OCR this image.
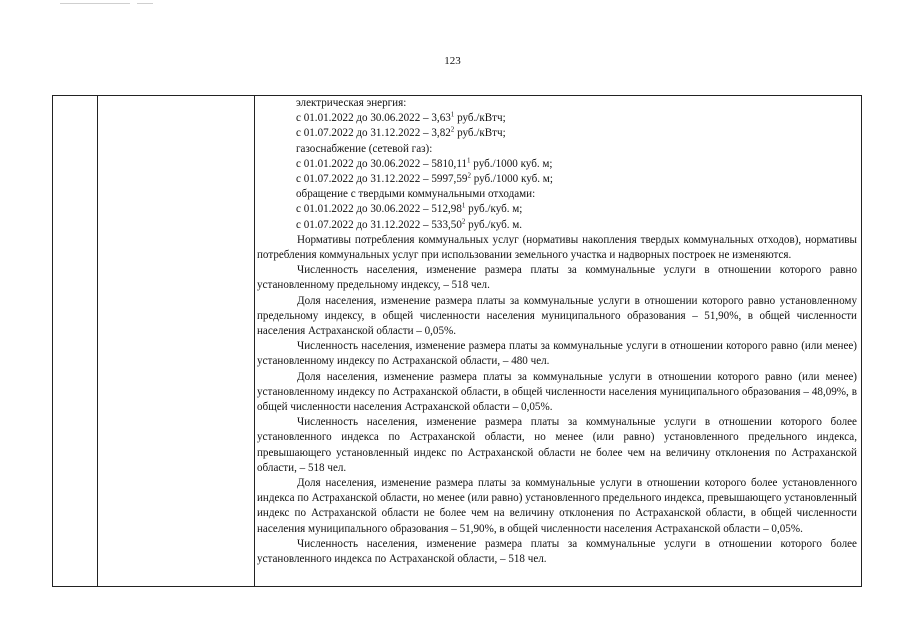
123

электрическая энергия:

с 01.01.2022 до 30.06.2022 – 3,63$^1$ руб./кВтч;

с 01.07.2022 до 31.12.2022 – 3,82$^2$ руб./кВтч;

газоснабжение (сетевой газ):

с 01.01.2022 до 30.06.2022 – 5810,11$^1$ руб./1000 куб. м;

с 01.07.2022 до 31.12.2022 – 5997,59$^2$ руб./1000 куб. м;

обращение с твердыми коммунальными отходами:

с 01.01.2022 до 30.06.2022 – 512,98$^1$ руб./куб. м;

с 01.07.2022 до 31.12.2022 – 533,50$^2$ руб./куб. м.

Нормативы потребления коммунальных услуг (нормативы накопления твердых коммунальных отходов), нормативы потребления коммунальных услуг при использовании земельного участка и надворных построек не изменяются.

Численность населения, изменение размера платы за коммунальные услуги в отношении которого равно установленному предельному индексу, – 518 чел.

Доля населения, изменение размера платы за коммунальные услуги в отношении которого равно установленному предельному индексу, в общей численности населения муниципального образования – 51,90%, в общей численности населения Астраханской области – 0,05%.

Численность населения, изменение размера платы за коммунальные услуги в отношении которого равно (или менее) установленному индексу по Астраханской области, – 480 чел.

Доля населения, изменение размера платы за коммунальные услуги в отношении которого равно (или менее) установленному индексу по Астраханской области, в общей численности населения муниципального образования – 48,09%, в общей численности населения Астраханской области – 0,05%.

Численность населения, изменение размера платы за коммунальные услуги в отношении которого более установленного индекса по Астраханской области, но менее (или равно) установленного предельного индекса, превышающего установленный индекс по Астраханской области не более чем на величину отклонения по Астраханской области, – 518 чел.

Доля населения, изменение размера платы за коммунальные услуги в отношении которого более установленного индекса по Астраханской области, но менее (или равно) установленного предельного индекса, превышающего установленный индекс по Астраханской области не более чем на величину отклонения по Астраханской области, в общей численности населения муниципального образования – 51,90%, в общей численности населения Астраханской области – 0,05%.

Численность населения, изменение размера платы за коммунальные услуги в отношении которого более установленного индекса по Астраханской области, – 518 чел.
